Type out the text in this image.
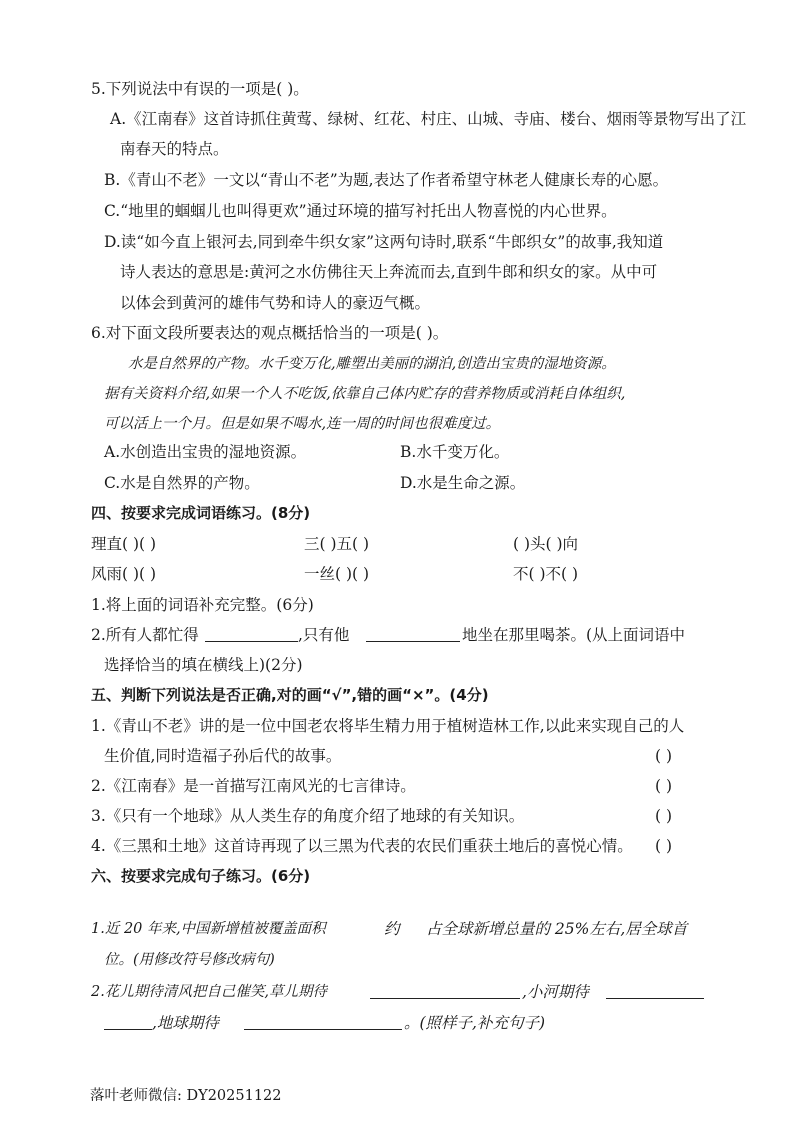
5.下列说法中有误的一项是( )。
A.《江南春》这首诗抓住黄莺、绿树、红花、村庄、山城、寺庙、楼台、烟雨等景物写出了江
南春天的特点。
B.《青山不老》一文以“青山不老”为题,表达了作者希望守林老人健康长寿的心愿。
C.“地里的蝈蝈儿也叫得更欢”通过环境的描写衬托出人物喜悦的内心世界。
D.读“如今直上银河去,同到牵牛织女家”这两句诗时,联系“牛郎织女”的故事,我知道
诗人表达的意思是:黄河之水仿佛往天上奔流而去,直到牛郎和织女的家。从中可
以体会到黄河的雄伟气势和诗人的豪迈气概。
6.对下面文段所要表达的观点概括恰当的一项是( )。
水是自然界的产物。水千变万化,雕塑出美丽的湖泊,创造出宝贵的湿地资源。
据有关资料介绍,如果一个人不吃饭,依靠自己体内贮存的营养物质或消耗自体组织,
可以活上一个月。但是如果不喝水,连一周的时间也很难度过。
A.水创造出宝贵的湿地资源。	B.水千变万化。
C.水是自然界的产物。	D.水是生命之源。
四、按要求完成词语练习。(8分)
理直( )( )	三( )五( )	( )头( )向
风雨( )( )	一丝( )( )	不( )不( )
1.将上面的词语补充完整。(6分)
2.所有人都忙得	,只有他	地坐在那里喝茶。(从上面词语中
选择恰当的填在横线上)(2分)
五、判断下列说法是否正确,对的画“√”,错的画“×”。(4分)
1.《青山不老》讲的是一位中国老农将毕生精力用于植树造林工作,以此来实现自己的人
生价值,同时造福子孙后代的故事。	( )
2.《江南春》是一首描写江南风光的七言律诗。	( )
3.《只有一个地球》从人类生存的角度介绍了地球的有关知识。	( )
4.《三黑和土地》这首诗再现了以三黑为代表的农民们重获土地后的喜悦心情。 ( )
六、按要求完成句子练习。(6分)
1.近 20 年来,中国新增植被覆盖面积	约 占全球新增总量的 25%左右,居全球首
位。(用修改符号修改病句)
2.花儿期待清风把自己催笑,草儿期待	,小河期待
,地球期待	。(照样子,补充句子)
落叶老师微信: DY20251122
